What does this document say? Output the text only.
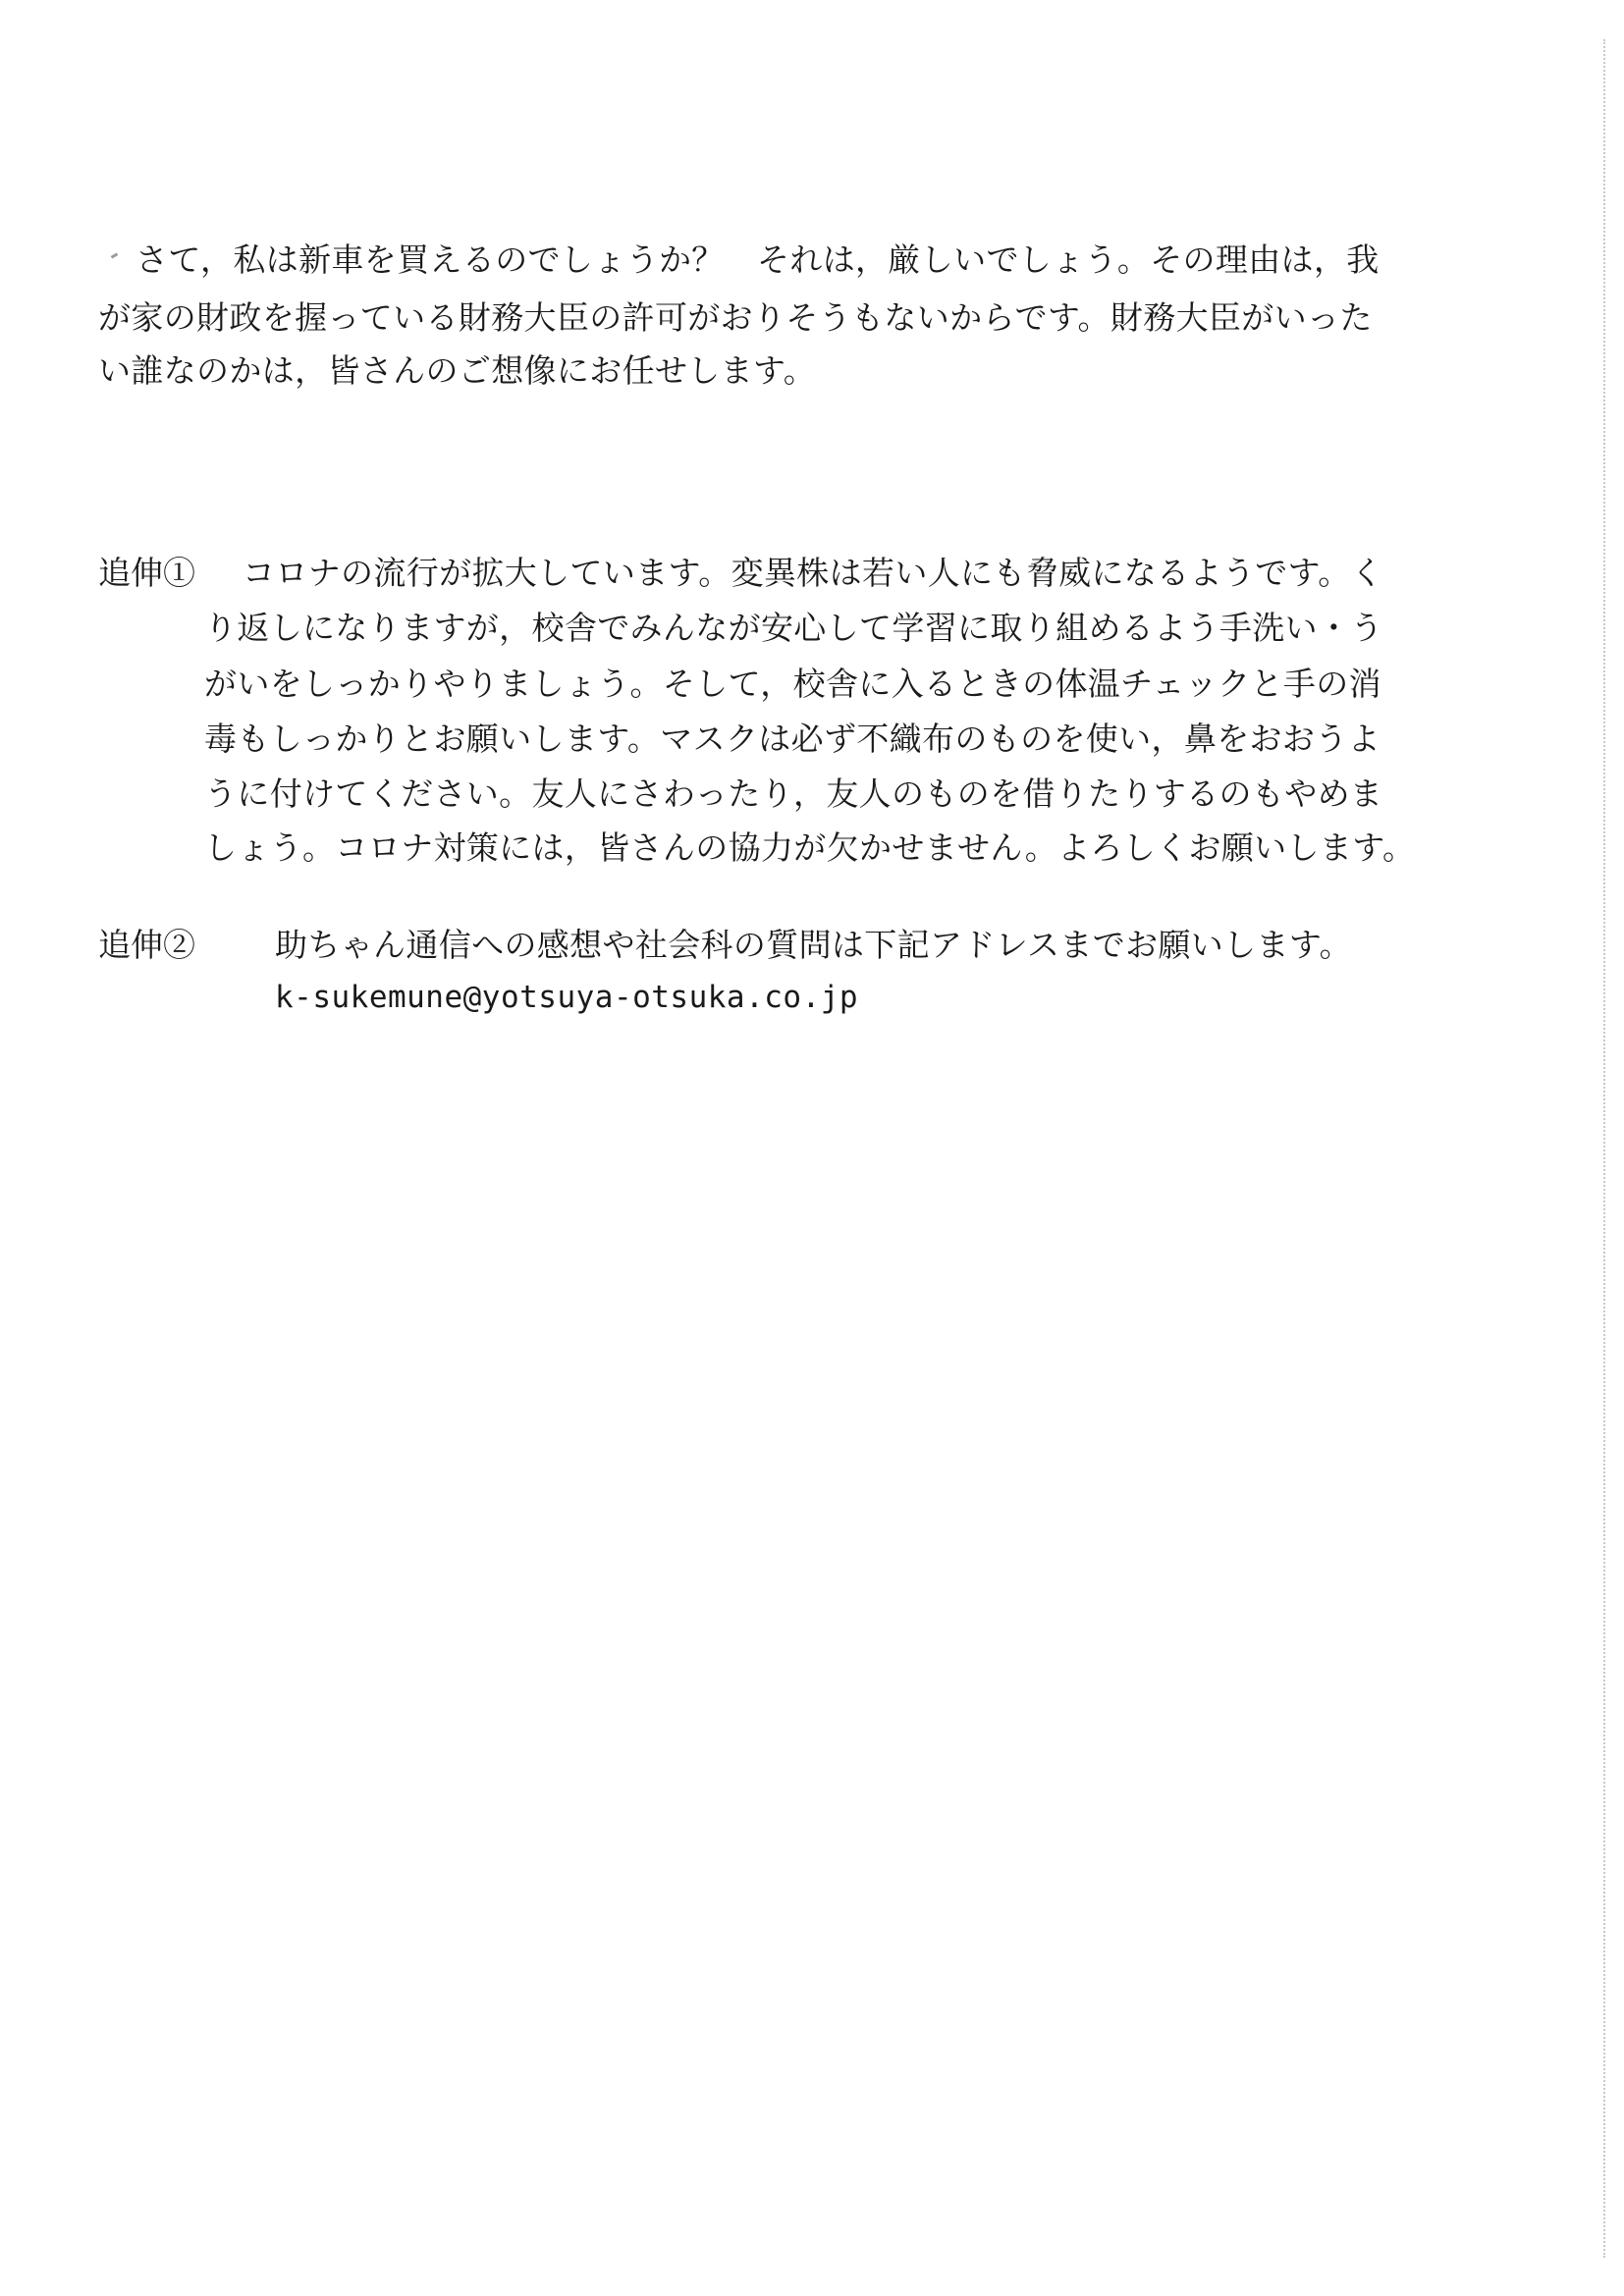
さて，私は新車を買えるのでしょうか？　それは，厳しいでしょう。その理由は，我
が家の財政を握っている財務大臣の許可がおりそうもないからです。財務大臣がいった
い誰なのかは，皆さんのご想像にお任せします。
追伸① コロナの流行が拡大しています。変異株は若い人にも脅威になるようです。く
り返しになりますが，校舎でみんなが安心して学習に取り組めるよう手洗い・う
がいをしっかりやりましょう。そして，校舎に入るときの体温チェックと手の消
毒もしっかりとお願いします。マスクは必ず不織布のものを使い，鼻をおおうよ
うに付けてください。友人にさわったり，友人のものを借りたりするのもやめま
しょう。コロナ対策には，皆さんの協力が欠かせません。よろしくお願いします。
追伸② 助ちゃん通信への感想や社会科の質問は下記アドレスまでお願いします。
k-sukemune@yotsuya-otsuka.co.jp
